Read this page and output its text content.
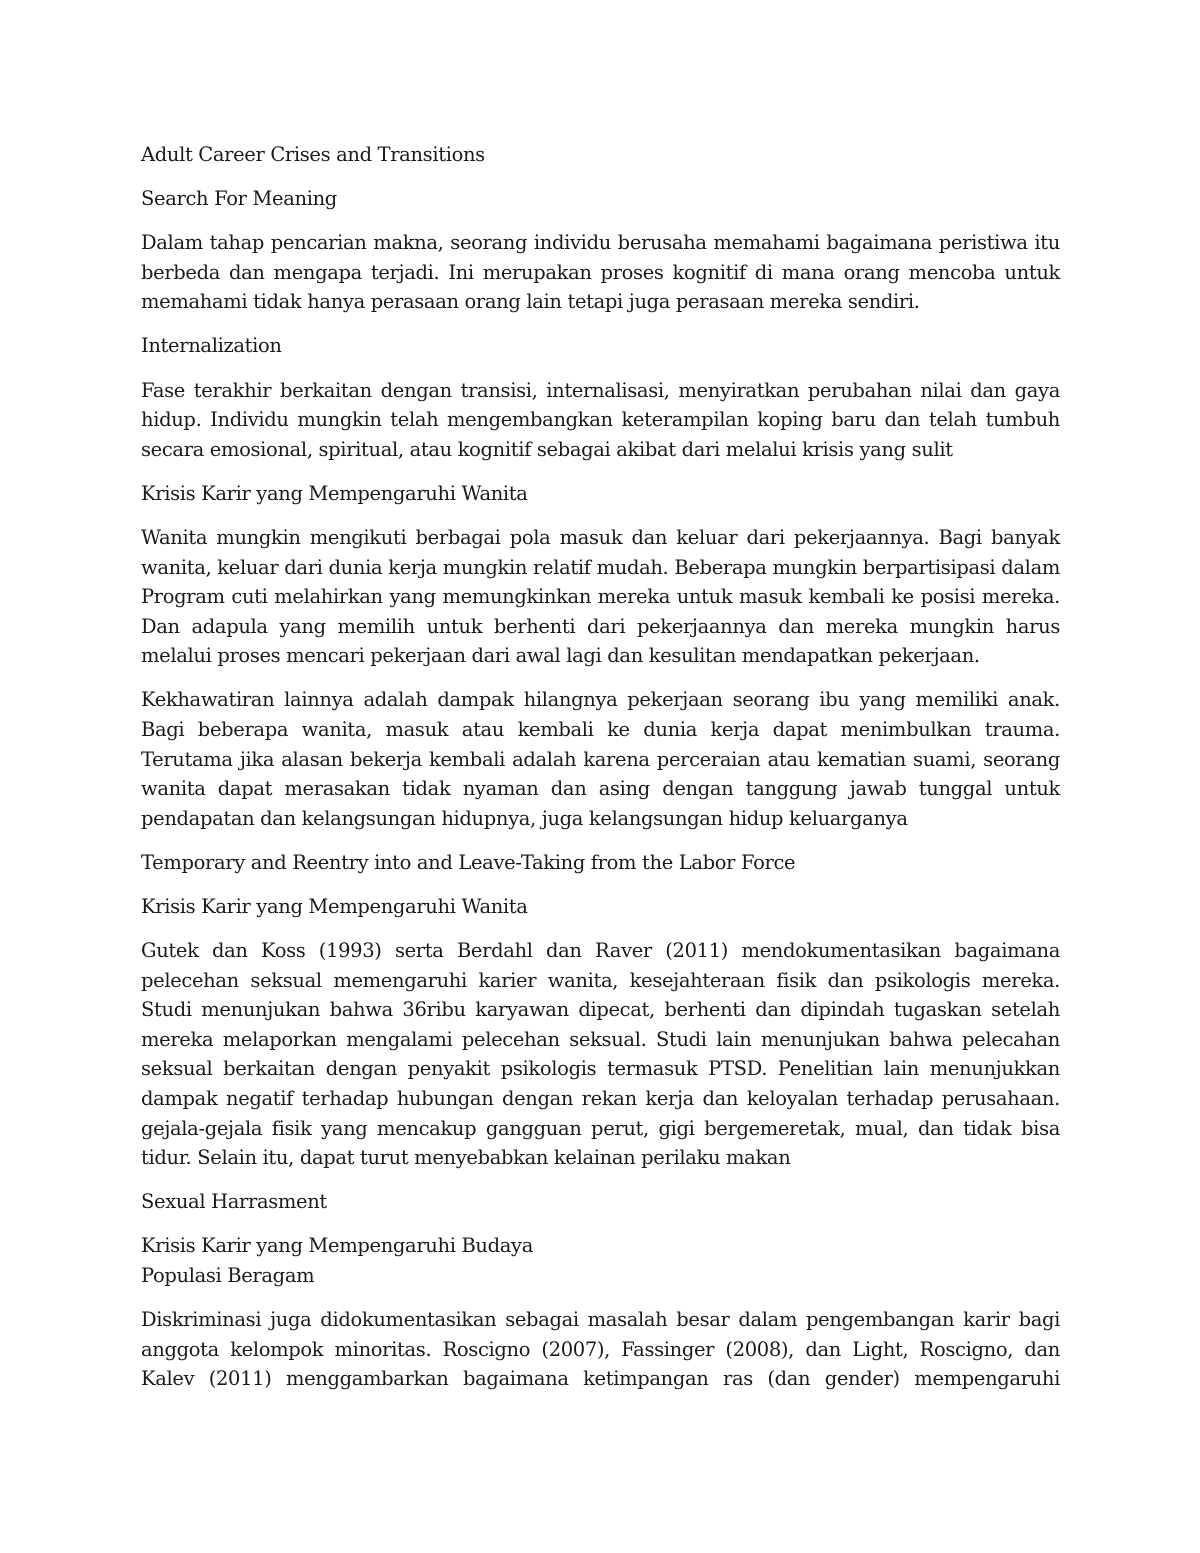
Adult Career Crises and Transitions

Search For Meaning

Dalam tahap pencarian makna, seorang individu berusaha memahami bagaimana peristiwa itu berbeda dan mengapa terjadi. Ini merupakan proses kognitif di mana orang mencoba untuk memahami tidak hanya perasaan orang lain tetapi juga perasaan mereka sendiri.

Internalization

Fase terakhir berkaitan dengan transisi, internalisasi, menyiratkan perubahan nilai dan gaya hidup. Individu mungkin telah mengembangkan keterampilan koping baru dan telah tumbuh secara emosional, spiritual, atau kognitif sebagai akibat dari melalui krisis yang sulit

Krisis Karir yang Mempengaruhi Wanita

Wanita mungkin mengikuti berbagai pola masuk dan keluar dari pekerjaannya. Bagi banyak wanita, keluar dari dunia kerja mungkin relatif mudah. Beberapa mungkin berpartisipasi dalam Program cuti melahirkan yang memungkinkan mereka untuk masuk kembali ke posisi mereka. Dan adapula yang memilih untuk berhenti dari pekerjaannya dan mereka mungkin harus melalui proses mencari pekerjaan dari awal lagi dan kesulitan mendapatkan pekerjaan.

Kekhawatiran lainnya adalah dampak hilangnya pekerjaan seorang ibu yang memiliki anak. Bagi beberapa wanita, masuk atau kembali ke dunia kerja dapat menimbulkan trauma. Terutama jika alasan bekerja kembali adalah karena perceraian atau kematian suami, seorang wanita dapat merasakan tidak nyaman dan asing dengan tanggung jawab tunggal untuk pendapatan dan kelangsungan hidupnya, juga kelangsungan hidup keluarganya

Temporary and Reentry into and Leave-Taking from the Labor Force

Krisis Karir yang Mempengaruhi Wanita

Gutek dan Koss (1993) serta Berdahl dan Raver (2011) mendokumentasikan bagaimana pelecehan seksual memengaruhi karier wanita, kesejahteraan fisik dan psikologis mereka. Studi menunjukan bahwa 36ribu karyawan dipecat, berhenti dan dipindah tugaskan setelah mereka melaporkan mengalami pelecehan seksual. Studi lain menunjukan bahwa pelecahan seksual berkaitan dengan penyakit psikologis termasuk PTSD. Penelitian lain menunjukkan dampak negatif terhadap hubungan dengan rekan kerja dan keloyalan terhadap perusahaan. gejala-gejala fisik yang mencakup gangguan perut, gigi bergemeretak, mual, dan tidak bisa tidur. Selain itu, dapat turut menyebabkan kelainan perilaku makan

Sexual Harrasment

Krisis Karir yang Mempengaruhi Budaya

Populasi Beragam

Diskriminasi juga didokumentasikan sebagai masalah besar dalam pengembangan karir bagi anggota kelompok minoritas. Roscigno (2007), Fassinger (2008), dan Light, Roscigno, dan Kalev (2011) menggambarkan bagaimana ketimpangan ras (dan gender) mempengaruhi
